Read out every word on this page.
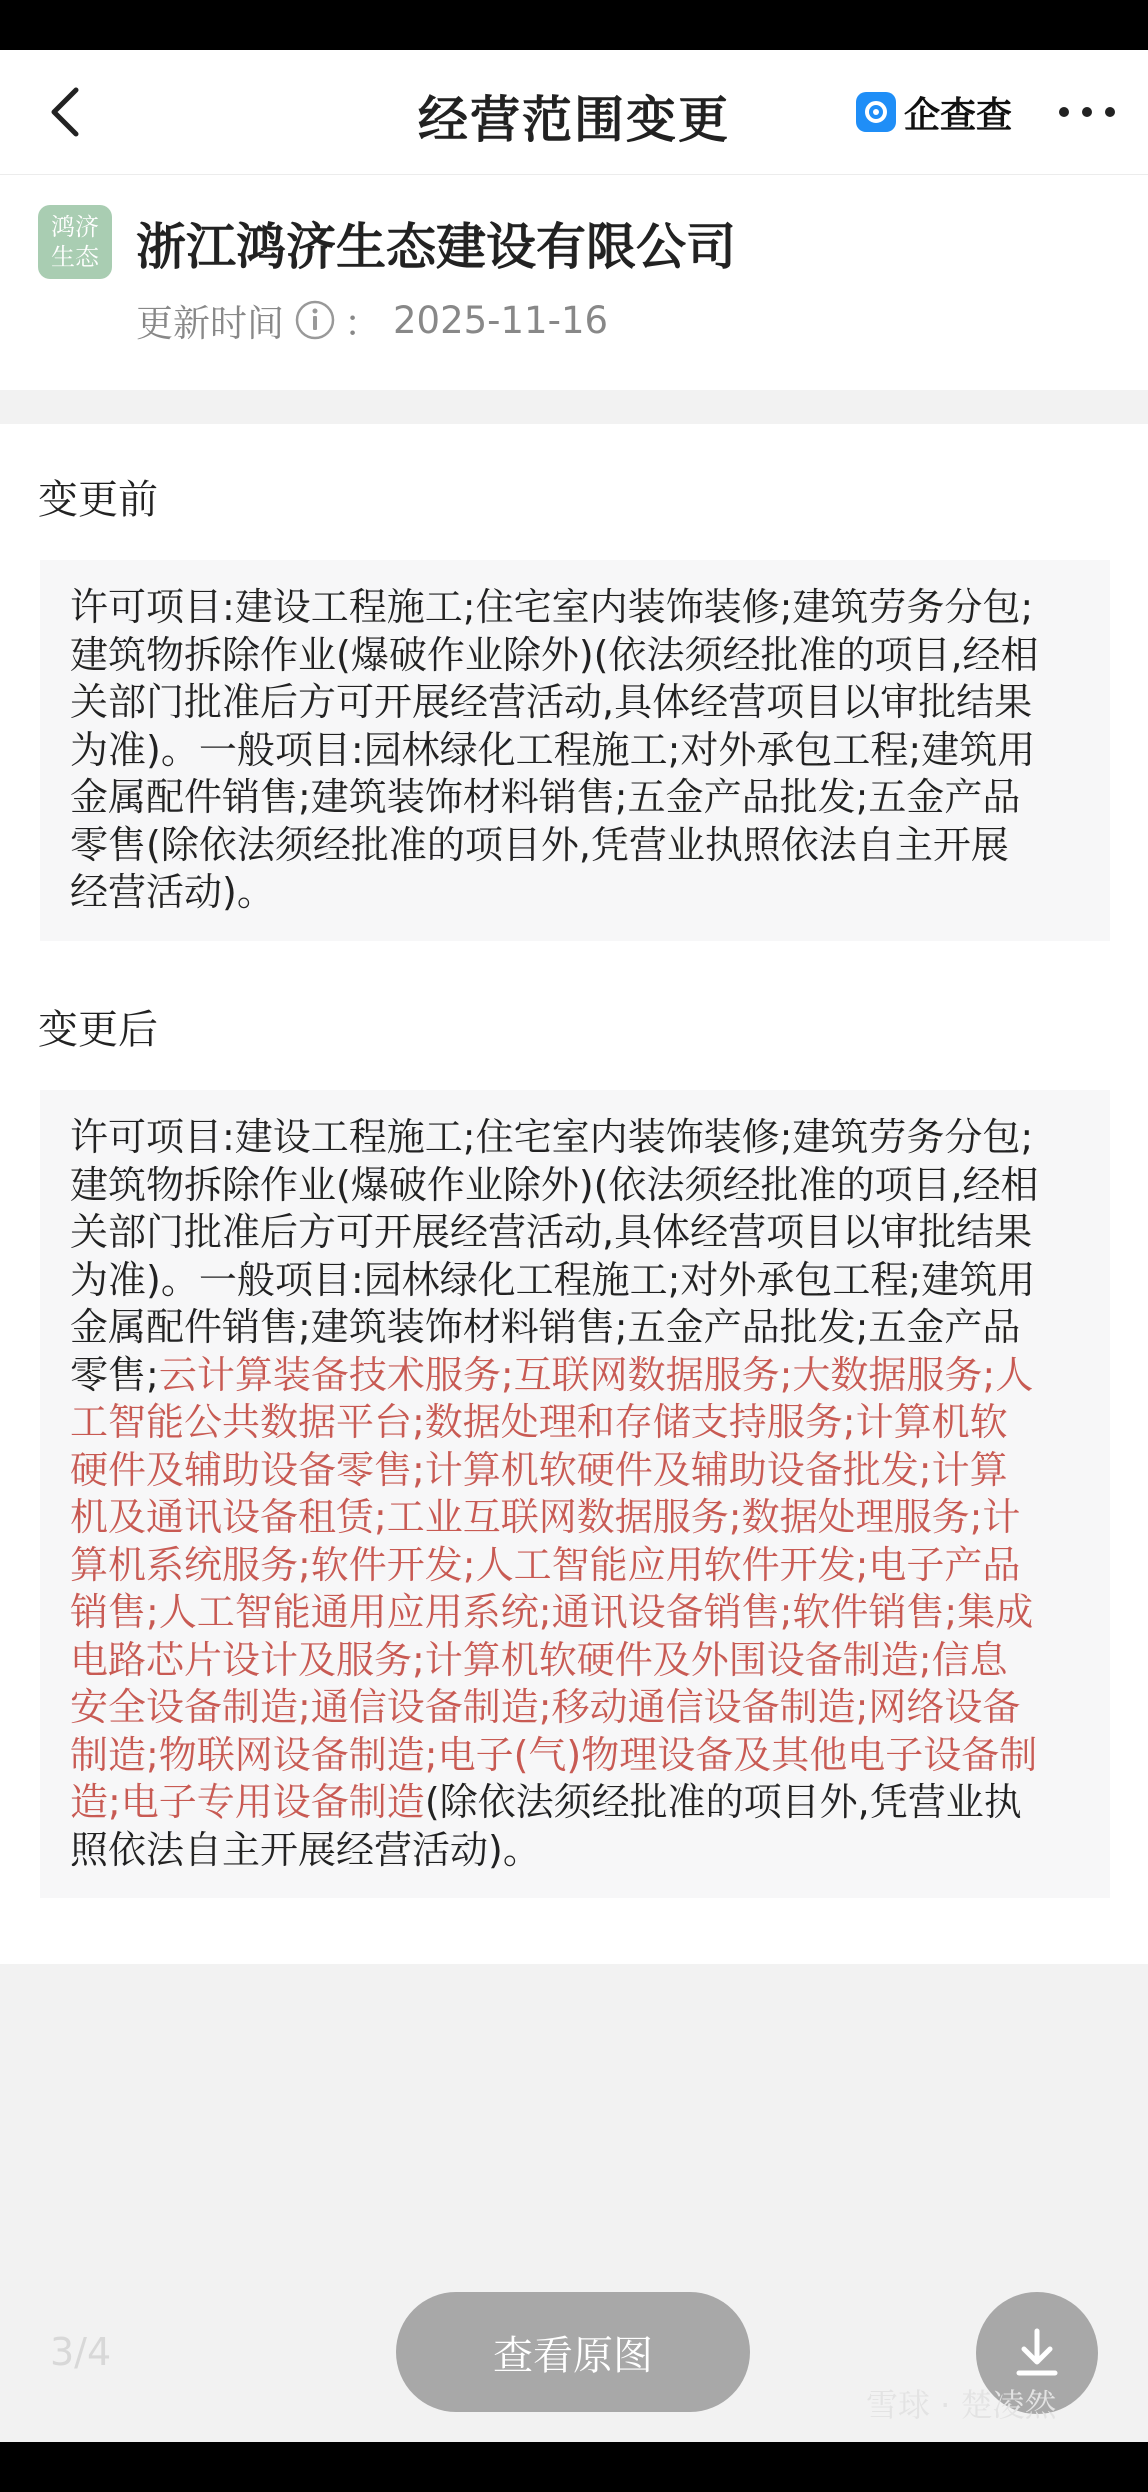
经营范围变更	企查查
鸿济
生态 浙江鸿济生态建设有限公司
更新时间 ： 2025-11-16
变更前
许可项目:建设工程施工;住宅室内装饰装修;建筑劳务分包;
建筑物拆除作业(爆破作业除外)(依法须经批准的项目,经相
关部门批准后方可开展经营活动,具体经营项目以审批结果
为准)。一般项目:园林绿化工程施工;对外承包工程;建筑用
金属配件销售;建筑装饰材料销售;五金产品批发;五金产品
零售(除依法须经批准的项目外,凭营业执照依法自主开展
经营活动)。
变更后
许可项目:建设工程施工;住宅室内装饰装修;建筑劳务分包;
建筑物拆除作业(爆破作业除外)(依法须经批准的项目,经相
关部门批准后方可开展经营活动,具体经营项目以审批结果
为准)。一般项目:园林绿化工程施工;对外承包工程;建筑用
金属配件销售;建筑装饰材料销售;五金产品批发;五金产品
零售;云计算装备技术服务;互联网数据服务;大数据服务;人
工智能公共数据平台;数据处理和存储支持服务;计算机软
硬件及辅助设备零售;计算机软硬件及辅助设备批发;计算
机及通讯设备租赁;工业互联网数据服务;数据处理服务;计
算机系统服务;软件开发;人工智能应用软件开发;电子产品
销售;人工智能通用应用系统;通讯设备销售;软件销售;集成
电路芯片设计及服务;计算机软硬件及外围设备制造;信息
安全设备制造;通信设备制造;移动通信设备制造;网络设备
制造;物联网设备制造;电子(气)物理设备及其他电子设备制
造;电子专用设备制造(除依法须经批准的项目外,凭营业执
照依法自主开展经营活动)。
3/4	查看原图
雪球 · 楚凌然
